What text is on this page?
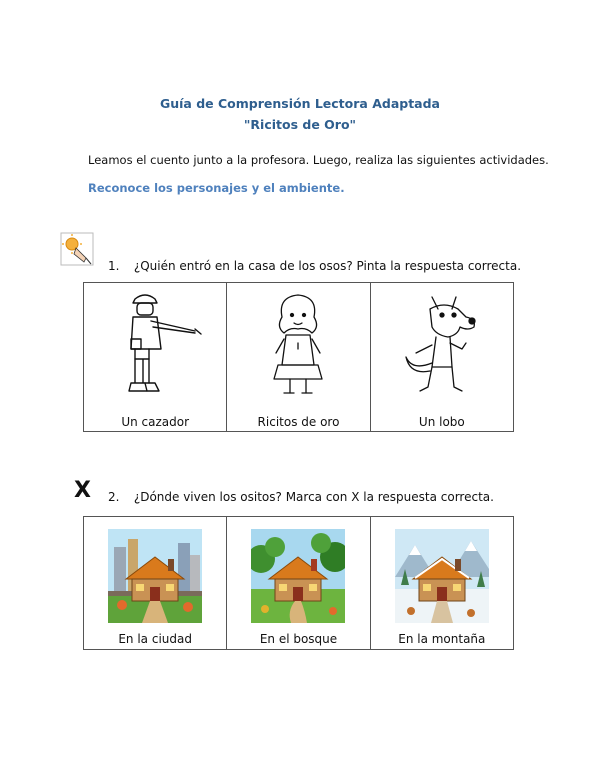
Guía de Comprensión Lectora Adaptada
"Ricitos de Oro"
Leamos el cuento junto a la profesora. Luego, realiza las siguientes actividades.
Reconoce los personajes y el ambiente.
1. ¿Quién entró en la casa de los osos? Pinta la respuesta correcta.
Un cazador	Ricitos de oro	Un lobo
X 2. ¿Dónde viven los ositos? Marca con X la respuesta correcta.
En la ciudad	En el bosque	En la montaña
